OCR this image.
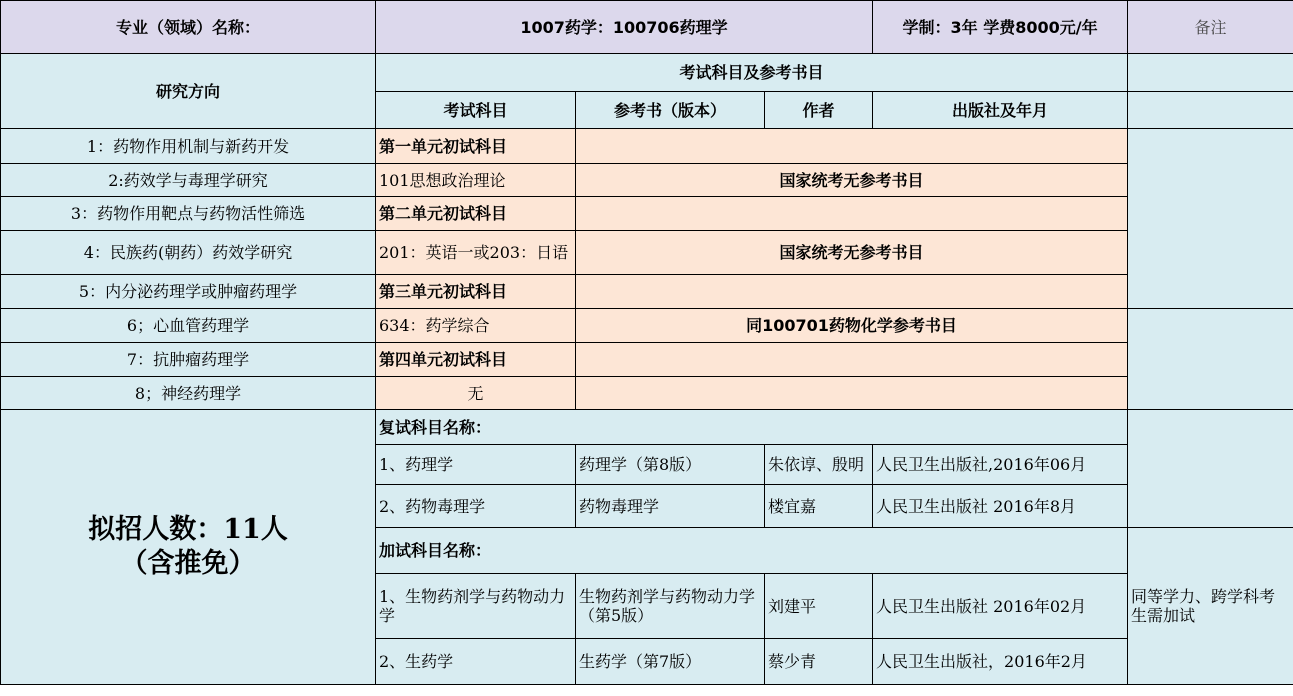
专业（领域）名称：	1007药学：100706药理学			学制：3年 学费8000元/年	备注
研究方向	考试科目及参考书目				
	考试科目	参考书（版本）	作者	出版社及年月	
1：药物作用机制与新药开发	第一单元初试科目				
2:药效学与毒理学研究	101思想政治理论	国家统考无参考书目			
3：药物作用靶点与药物活性筛选	第二单元初试科目				
4：民族药(朝药）药效学研究	201：英语一或203：日语	国家统考无参考书目			
5：内分泌药理学或肿瘤药理学	第三单元初试科目				
6；心血管药理学	634：药学综合	同100701药物化学参考书目			
7：抗肿瘤药理学	第四单元初试科目				
8；神经药理学	无				

拟招人数：11人
（含推免）	复试科目名称：				
	1、药理学	药理学（第8版）	朱依谆、殷明	人民卫生出版社,2016年06月	
	2、药物毒理学	药物毒理学	楼宜嘉	人民卫生出版社 2016年8月	
	加试科目名称：				同等学力、跨学科考生需加试
	1、生物药剂学与药物动力学	生物药剂学与药物动力学（第5版）	刘建平	人民卫生出版社 2016年02月	
	2、生药学	生药学（第7版）	蔡少青	人民卫生出版社，2016年2月	
